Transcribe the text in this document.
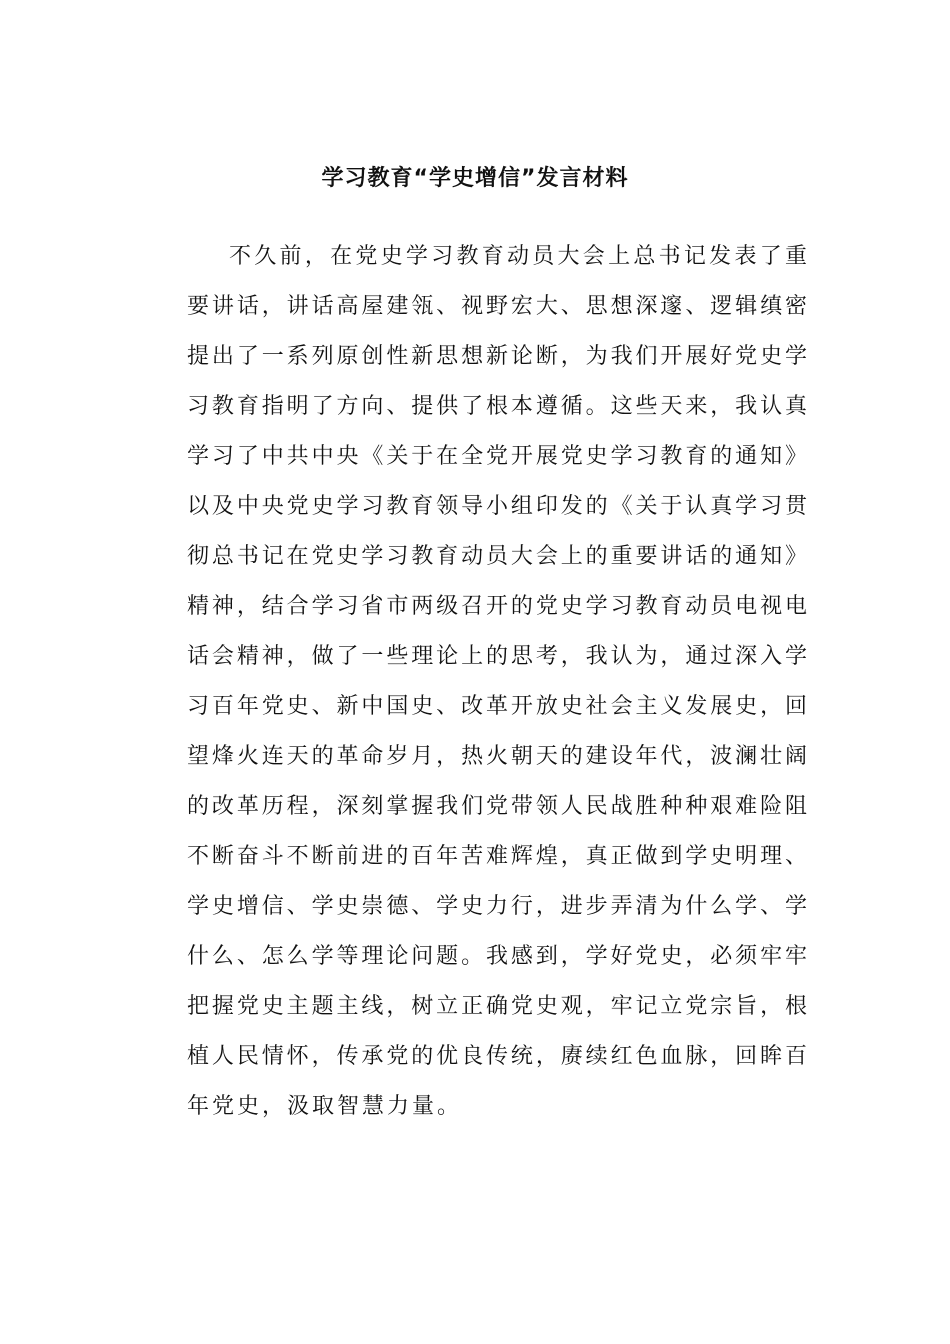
学习教育“学史增信”发言材料
不久前，在党史学习教育动员大会上总书记发表了重
要讲话，讲话高屋建瓴、视野宏大、思想深邃、逻辑缜密
提出了一系列原创性新思想新论断，为我们开展好党史学
习教育指明了方向、提供了根本遵循。这些天来，我认真
学习了中共中央《关于在全党开展党史学习教育的通知》
以及中央党史学习教育领导小组印发的《关于认真学习贯
彻总书记在党史学习教育动员大会上的重要讲话的通知》
精神，结合学习省市两级召开的党史学习教育动员电视电
话会精神，做了一些理论上的思考，我认为，通过深入学
习百年党史、新中国史、改革开放史社会主义发展史，回
望烽火连天的革命岁月，热火朝天的建设年代，波澜壮阔
的改革历程，深刻掌握我们党带领人民战胜种种艰难险阻
不断奋斗不断前进的百年苦难辉煌，真正做到学史明理、
学史增信、学史崇德、学史力行，进步弄清为什么学、学
什么、怎么学等理论问题。我感到，学好党史，必须牢牢
把握党史主题主线，树立正确党史观，牢记立党宗旨，根
植人民情怀，传承党的优良传统，赓续红色血脉，回眸百
年党史，汲取智慧力量。
